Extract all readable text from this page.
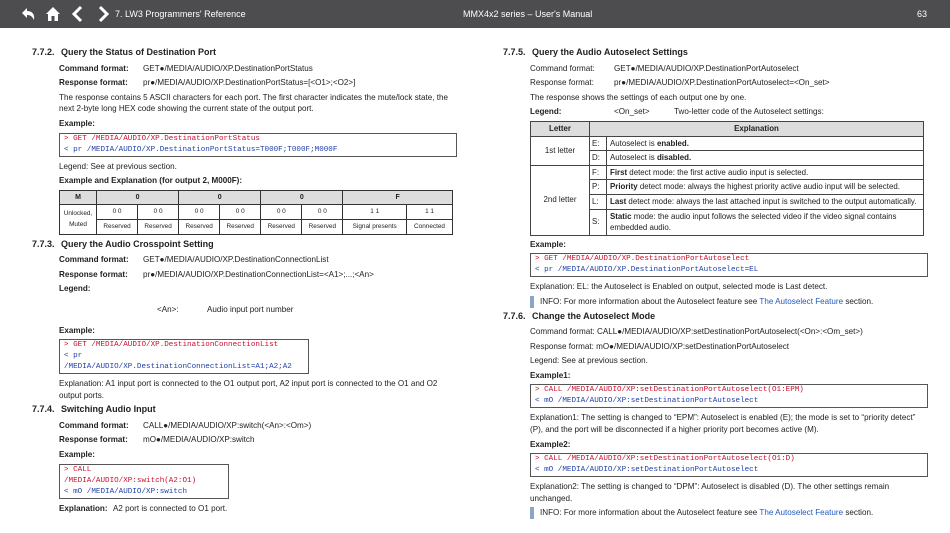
7. LW3 Programmers' Reference	MMX4x2 series – User's Manual	63
7.7.2. Query the Status of Destination Port
Command format:	GET●/MEDIA/AUDIO/XP.DestinationPortStatus
Response format:	pr●/MEDIA/AUDIO/XP.DestinationPortStatus=[<O1>;<O2>]
The response contains 5 ASCII characters for each port. The first character indicates the mute/lock state, the next 2-byte long HEX code showing the current state of the output port.
Example:
> GET /MEDIA/AUDIO/XP.DestinationPortStatus
< pr /MEDIA/AUDIO/XP.DestinationPortStatus=T000F;T000F;M000F
Legend: See at previous section.
Example and Explanation (for output 2, M000F):
M	0		0		0		F	
Unlocked, Muted	0 0	0 0	0 0	0 0	0 0	0 0	1 1	1 1
	Reserved	Reserved	Reserved	Reserved	Reserved	Reserved	Signal presents	Connected
7.7.3. Query the Audio Crosspoint Setting
Command format:	GET●/MEDIA/AUDIO/XP.DestinationConnectionList
Response format:	pr●/MEDIA/AUDIO/XP.DestinationConnectionList=<A1>;...;<An>
Legend:
<An>:	Audio input port number
Example:
> GET /MEDIA/AUDIO/XP.DestinationConnectionList
< pr /MEDIA/AUDIO/XP.DestinationConnectionList=A1;A2;A2
Explanation: A1 input port is connected to the O1 output port, A2 input port is connected to the O1 and O2 output ports.
7.7.4. Switching Audio Input
Command format:	CALL●/MEDIA/AUDIO/XP:switch(<An>:<Om>)
Response format:	mO●/MEDIA/AUDIO/XP:switch
Example:
> CALL /MEDIA/AUDIO/XP:switch(A2:O1)
< mO /MEDIA/AUDIO/XP:switch
Explanation: A2 port is connected to O1 port.
7.7.5. Query the Audio Autoselect Settings
Command format:	GET●/MEDIA/AUDIO/XP.DestinationPortAutoselect
Response format:	pr●/MEDIA/AUDIO/XP.DestinationPortAutoselect=<On_set>
The response shows the settings of each output one by one.
Legend:	<On_set>	Two-letter code of the Autoselect settings:
Letter	Explanation	
1st letter	E:	Autoselect is enabled.
	D:	Autoselect is disabled.
2nd letter	F:	First detect mode: the first active audio input is selected.
	P:	Priority detect mode: always the highest priority active audio input will be selected.
	L:	Last detect mode: always the last attached input is switched to the output automatically.
	S:	Static mode: the audio input follows the selected video if the video signal contains embedded audio.
Example:
> GET /MEDIA/AUDIO/XP.DestinationPortAutoselect
< pr /MEDIA/AUDIO/XP.DestinationPortAutoselect=EL
Explanation: EL: the Autoselect is Enabled on output, selected mode is Last detect.
INFO: For more information about the Autoselect feature see The Autoselect Feature section.
7.7.6. Change the Autoselect Mode
Command format: CALL●/MEDIA/AUDIO/XP:setDestinationPortAutoselect(<On>:<Om_set>)
Response format: mO●/MEDIA/AUDIO/XP:setDestinationPortAutoselect
Legend: See at previous section.
Example1:
> CALL /MEDIA/AUDIO/XP:setDestinationPortAutoselect(O1:EPM)
< mO /MEDIA/AUDIO/XP:setDestinationPortAutoselect
Explanation1: The setting is changed to “EPM”: Autoselect is enabled (E); the mode is set to “priority detect” (P), and the port will be disconnected if a higher priority port becomes active (M).
Example2:
> CALL /MEDIA/AUDIO/XP:setDestinationPortAutoselect(O1:D)
< mO /MEDIA/AUDIO/XP:setDestinationPortAutoselect
Explanation2: The setting is changed to “DPM”: Autoselect is disabled (D). The other settings remain unchanged.
INFO: For more information about the Autoselect feature see The Autoselect Feature section.
